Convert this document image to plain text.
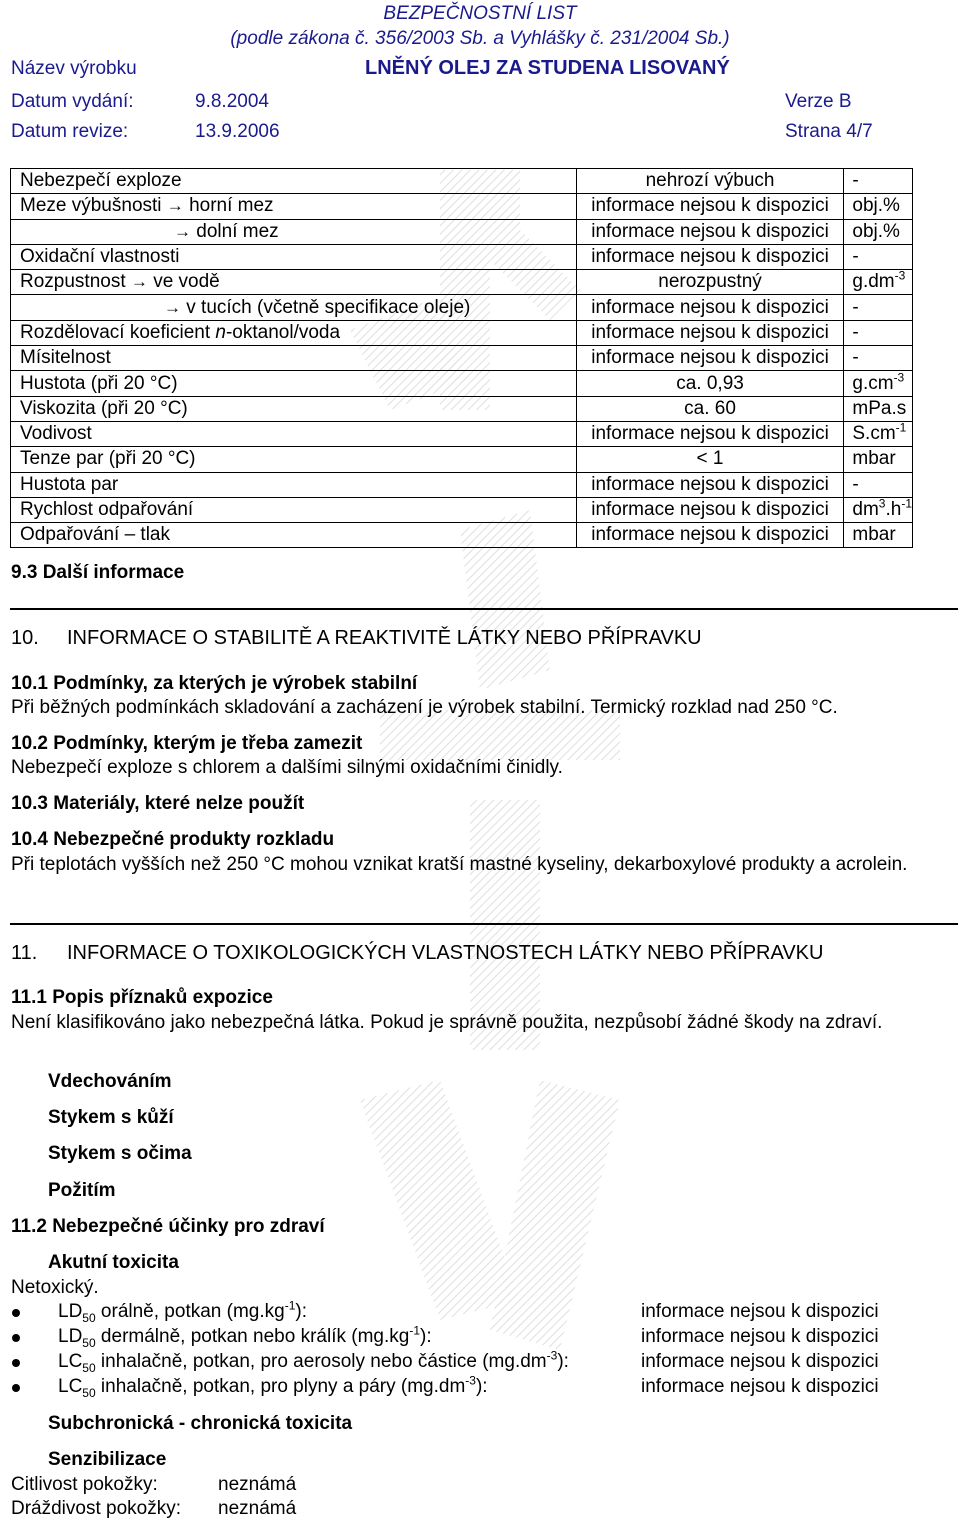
BEZPEČNOSTNÍ LIST
(podle zákona č. 356/2003 Sb. a Vyhlášky č. 231/2004 Sb.)
Název výrobku	LNĚNÝ OLEJ ZA STUDENA LISOVANÝ
Datum vydání:	9.8.2004	Verze B
Datum revize:	13.9.2006	Strana 4/7
Nebezpečí exploze	nehrozí výbuch	-
Meze výbušnosti → horní mez	informace nejsou k dispozici	obj.%
→ dolní mez	informace nejsou k dispozici	obj.%
Oxidační vlastnosti	informace nejsou k dispozici	-
Rozpustnost → ve vodě	nerozpustný	$g.dm^{-3}$
→ v tucích (včetně specifikace oleje)	informace nejsou k dispozici	-
Rozdělovací koeficient n-oktanol/voda	informace nejsou k dispozici	-
Mísitelnost	informace nejsou k dispozici	-
Hustota (při 20 °C)	ca. 0,93	$g.cm^{-3}$
Viskozita (při 20 °C)	ca. 60	mPa.s
Vodivost	informace nejsou k dispozici	$S.cm^{-1}$
Tenze par (při 20 °C)	< 1	mbar
Hustota par	informace nejsou k dispozici	-
Rychlost odpařování	informace nejsou k dispozici	$dm^3.h^{-1}$
Odpařování – tlak	informace nejsou k dispozici	mbar
9.3 Další informace
10. INFORMACE O STABILITĚ A REAKTIVITĚ LÁTKY NEBO PŘÍPRAVKU
10.1 Podmínky, za kterých je výrobek stabilní
Při běžných podmínkách skladování a zacházení je výrobek stabilní. Termický rozklad nad 250 °C.
10.2 Podmínky, kterým je třeba zamezit
Nebezpečí exploze s chlorem a dalšími silnými oxidačními činidly.
10.3 Materiály, které nelze použít
10.4 Nebezpečné produkty rozkladu
Při teplotách vyšších než 250 °C mohou vznikat kratší mastné kyseliny, dekarboxylové produkty a acrolein.
11. INFORMACE O TOXIKOLOGICKÝCH VLASTNOSTECH LÁTKY NEBO PŘÍPRAVKU
11.1 Popis příznaků expozice
Není klasifikováno jako nebezpečná látka. Pokud je správně použita, nezpůsobí žádné škody na zdraví.
Vdechováním
Stykem s kůží
Stykem s očima
Požitím
11.2 Nebezpečné účinky pro zdraví
Akutní toxicita
Netoxický.
$LD_{50}$ orálně, potkan $(mg.kg^{-1})$:	informace nejsou k dispozici
$LD_{50}$ dermálně, potkan nebo králík $(mg.kg^{-1})$:	informace nejsou k dispozici
$LC_{50}$ inhalačně, potkan, pro aerosoly nebo částice $(mg.dm^{-3})$:	informace nejsou k dispozici
$LC_{50}$ inhalačně, potkan, pro plyny a páry $(mg.dm^{-3})$:	informace nejsou k dispozici
Subchronická - chronická toxicita
Senzibilizace
Citlivost pokožky:	neznámá
Dráždivost pokožky: neznámá
